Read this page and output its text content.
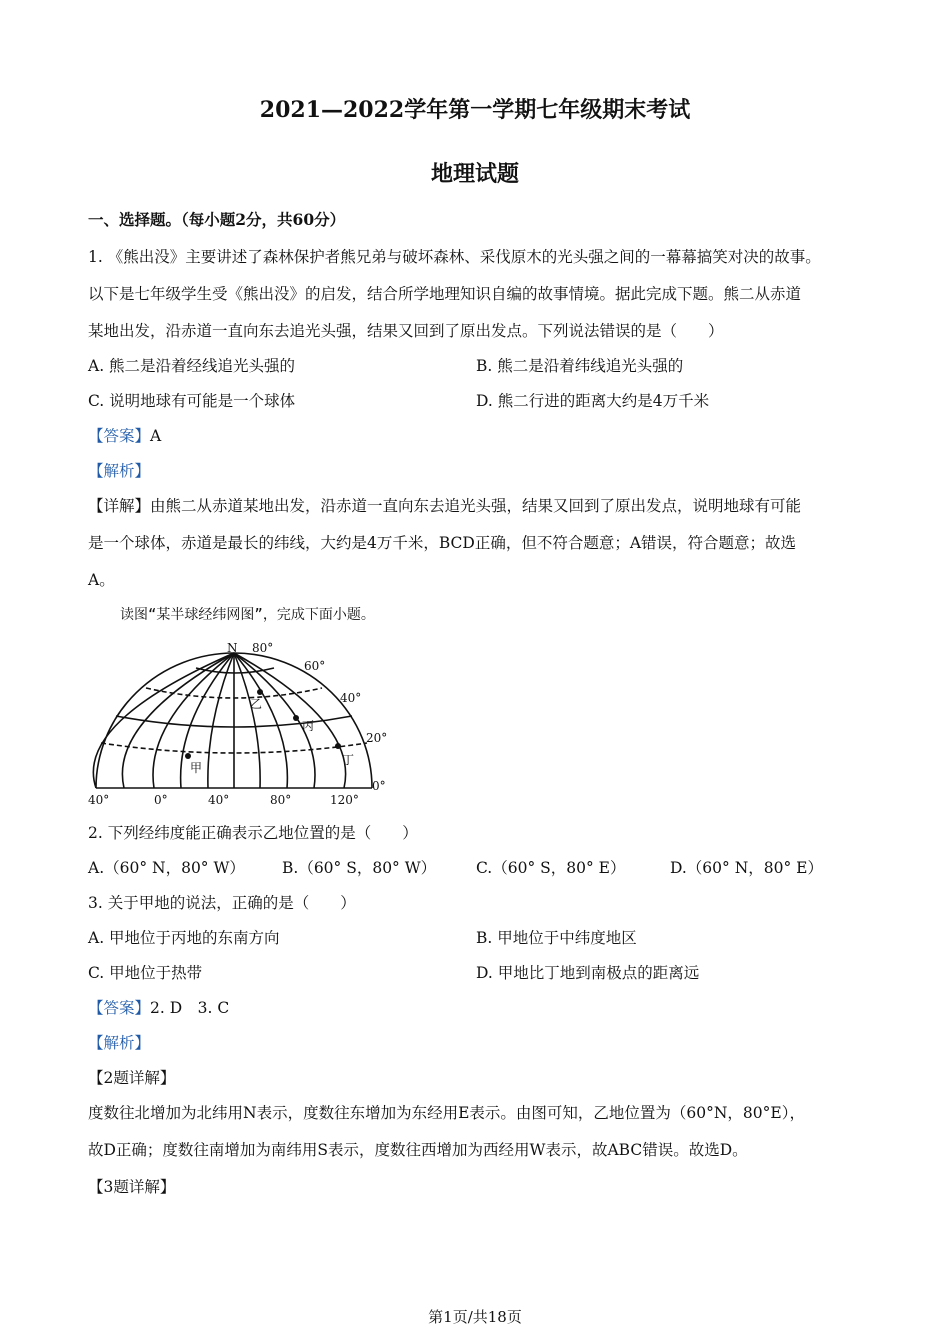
2021—2022学年第一学期七年级期末考试
地理试题
一、选择题。（每小题2分，共60分）
1. 《熊出没》主要讲述了森林保护者熊兄弟与破坏森林、采伐原木的光头强之间的一幕幕搞笑对决的故事。
以下是七年级学生受《熊出没》的启发，结合所学地理知识自编的故事情境。据此完成下题。熊二从赤道
某地出发，沿赤道一直向东去追光头强，结果又回到了原出发点。下列说法错误的是（　　）
A. 熊二是沿着经线追光头强的	B. 熊二是沿着纬线追光头强的
C. 说明地球有可能是一个球体	D. 熊二行进的距离大约是4万千米
【答案】A
【解析】
【详解】由熊二从赤道某地出发，沿赤道一直向东去追光头强，结果又回到了原出发点，说明地球有可能
是一个球体，赤道是最长的纬线，大约是4万千米，BCD正确，但不符合题意；A错误，符合题意；故选
A。
读图“某半球经纬网图”，完成下面小题。
N 80°
60°
40°
20°
0°
乙
丙
丁
甲
40°	0°	40°	80°	120°
2. 下列经纬度能正确表示乙地位置的是（　　）
A.（60° N，80° W） B.（60° S，80° W）	C.（60° S，80° E）	D.（60° N，80° E）
3. 关于甲地的说法，正确的是（　　）
A. 甲地位于丙地的东南方向	B. 甲地位于中纬度地区
C. 甲地位于热带	D. 甲地比丁地到南极点的距离远
【答案】2. D　3. C
【解析】
【2题详解】
度数往北增加为北纬用N表示，度数往东增加为东经用E表示。由图可知，乙地位置为（60°N，80°E），
故D正确；度数往南增加为南纬用S表示，度数往西增加为西经用W表示，故ABC错误。故选D。
【3题详解】
第1页/共18页
